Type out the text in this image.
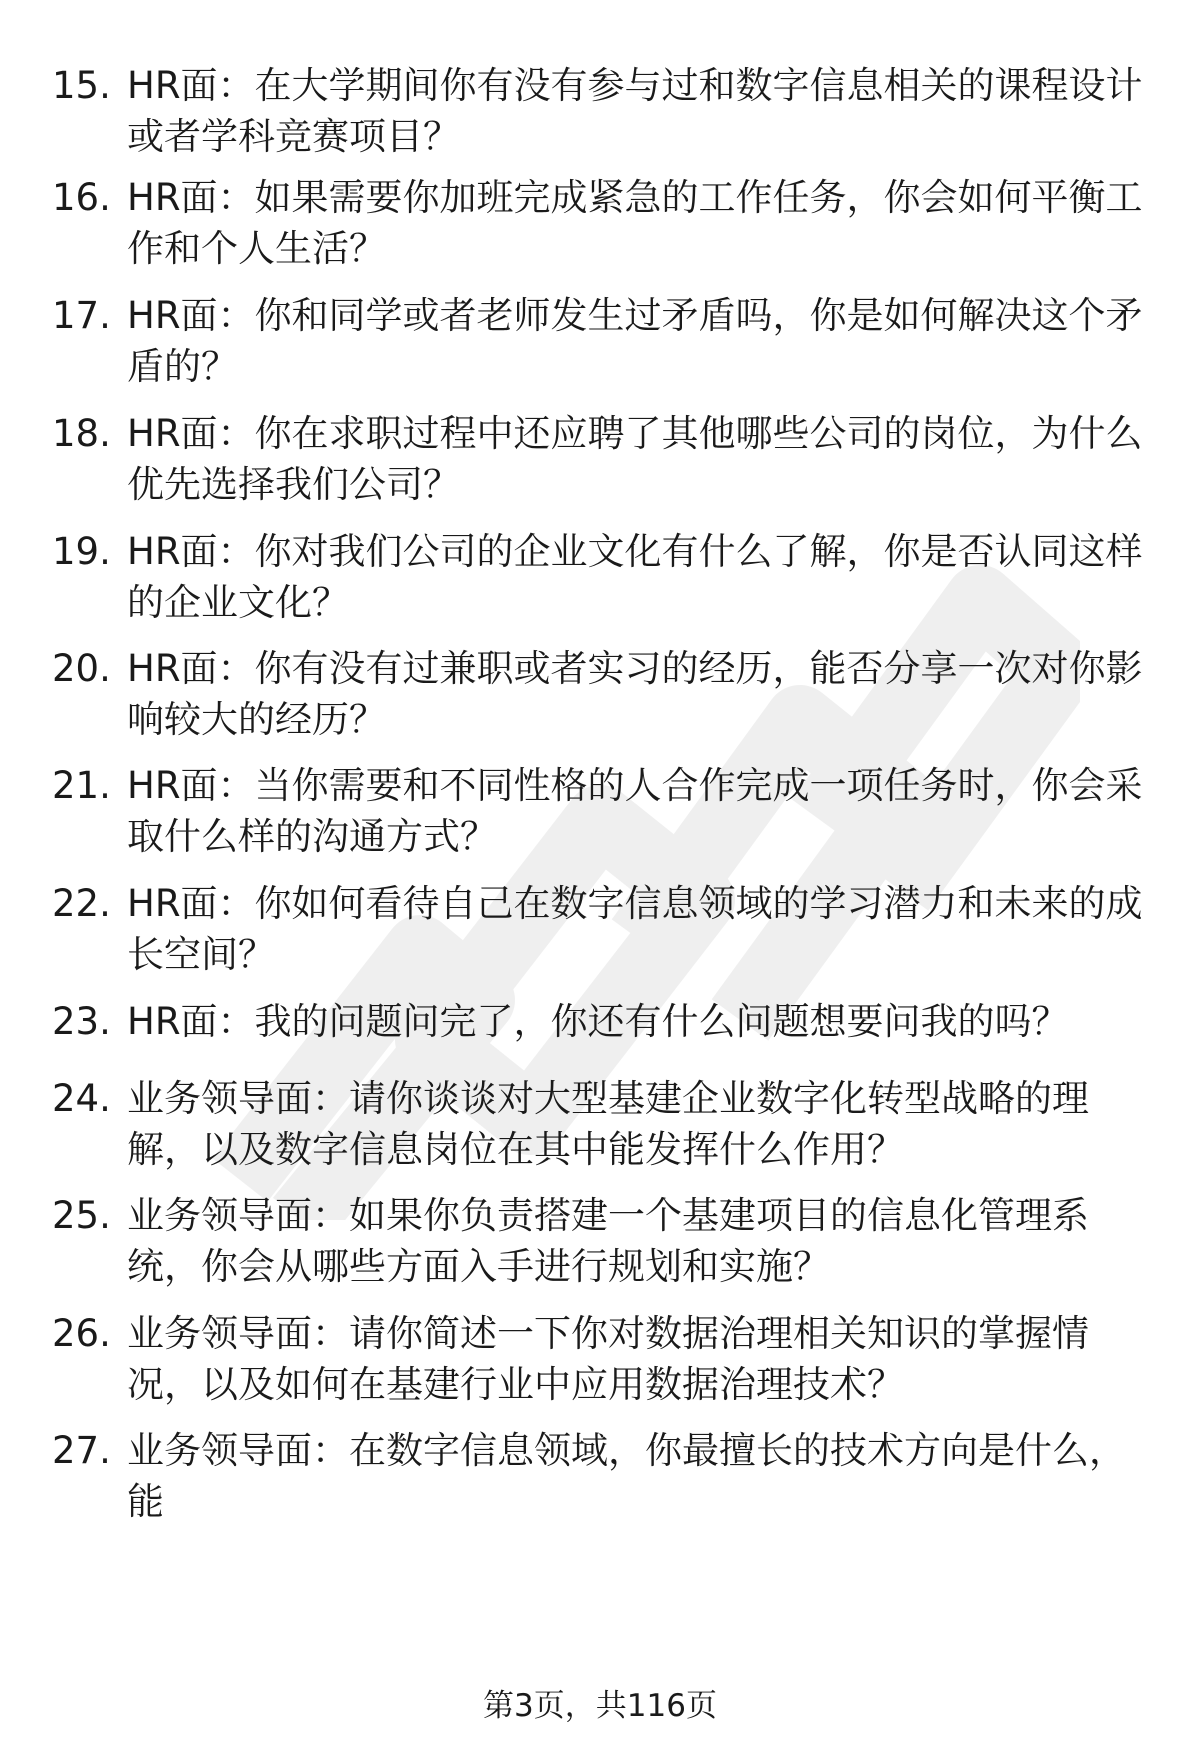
15. HR面：在大学期间你有没有参与过和数字信息相关的课程设计或者学科竞赛项目？
16. HR面：如果需要你加班完成紧急的工作任务，你会如何平衡工作和个人生活？
17. HR面：你和同学或者老师发生过矛盾吗，你是如何解决这个矛盾的？
18. HR面：你在求职过程中还应聘了其他哪些公司的岗位，为什么优先选择我们公司？
19. HR面：你对我们公司的企业文化有什么了解，你是否认同这样的企业文化？
20. HR面：你有没有过兼职或者实习的经历，能否分享一次对你影响较大的经历？
21. HR面：当你需要和不同性格的人合作完成一项任务时，你会采取什么样的沟通方式？
22. HR面：你如何看待自己在数字信息领域的学习潜力和未来的成长空间？
23. HR面：我的问题问完了，你还有什么问题想要问我的吗？
24. 业务领导面：请你谈谈对大型基建企业数字化转型战略的理解，以及数字信息岗位在其中能发挥什么作用？
25. 业务领导面：如果你负责搭建一个基建项目的信息化管理系统，你会从哪些方面入手进行规划和实施？
26. 业务领导面：请你简述一下你对数据治理相关知识的掌握情况，以及如何在基建行业中应用数据治理技术？
27. 业务领导面：在数字信息领域，你最擅长的技术方向是什么，能
第3页，共116页
